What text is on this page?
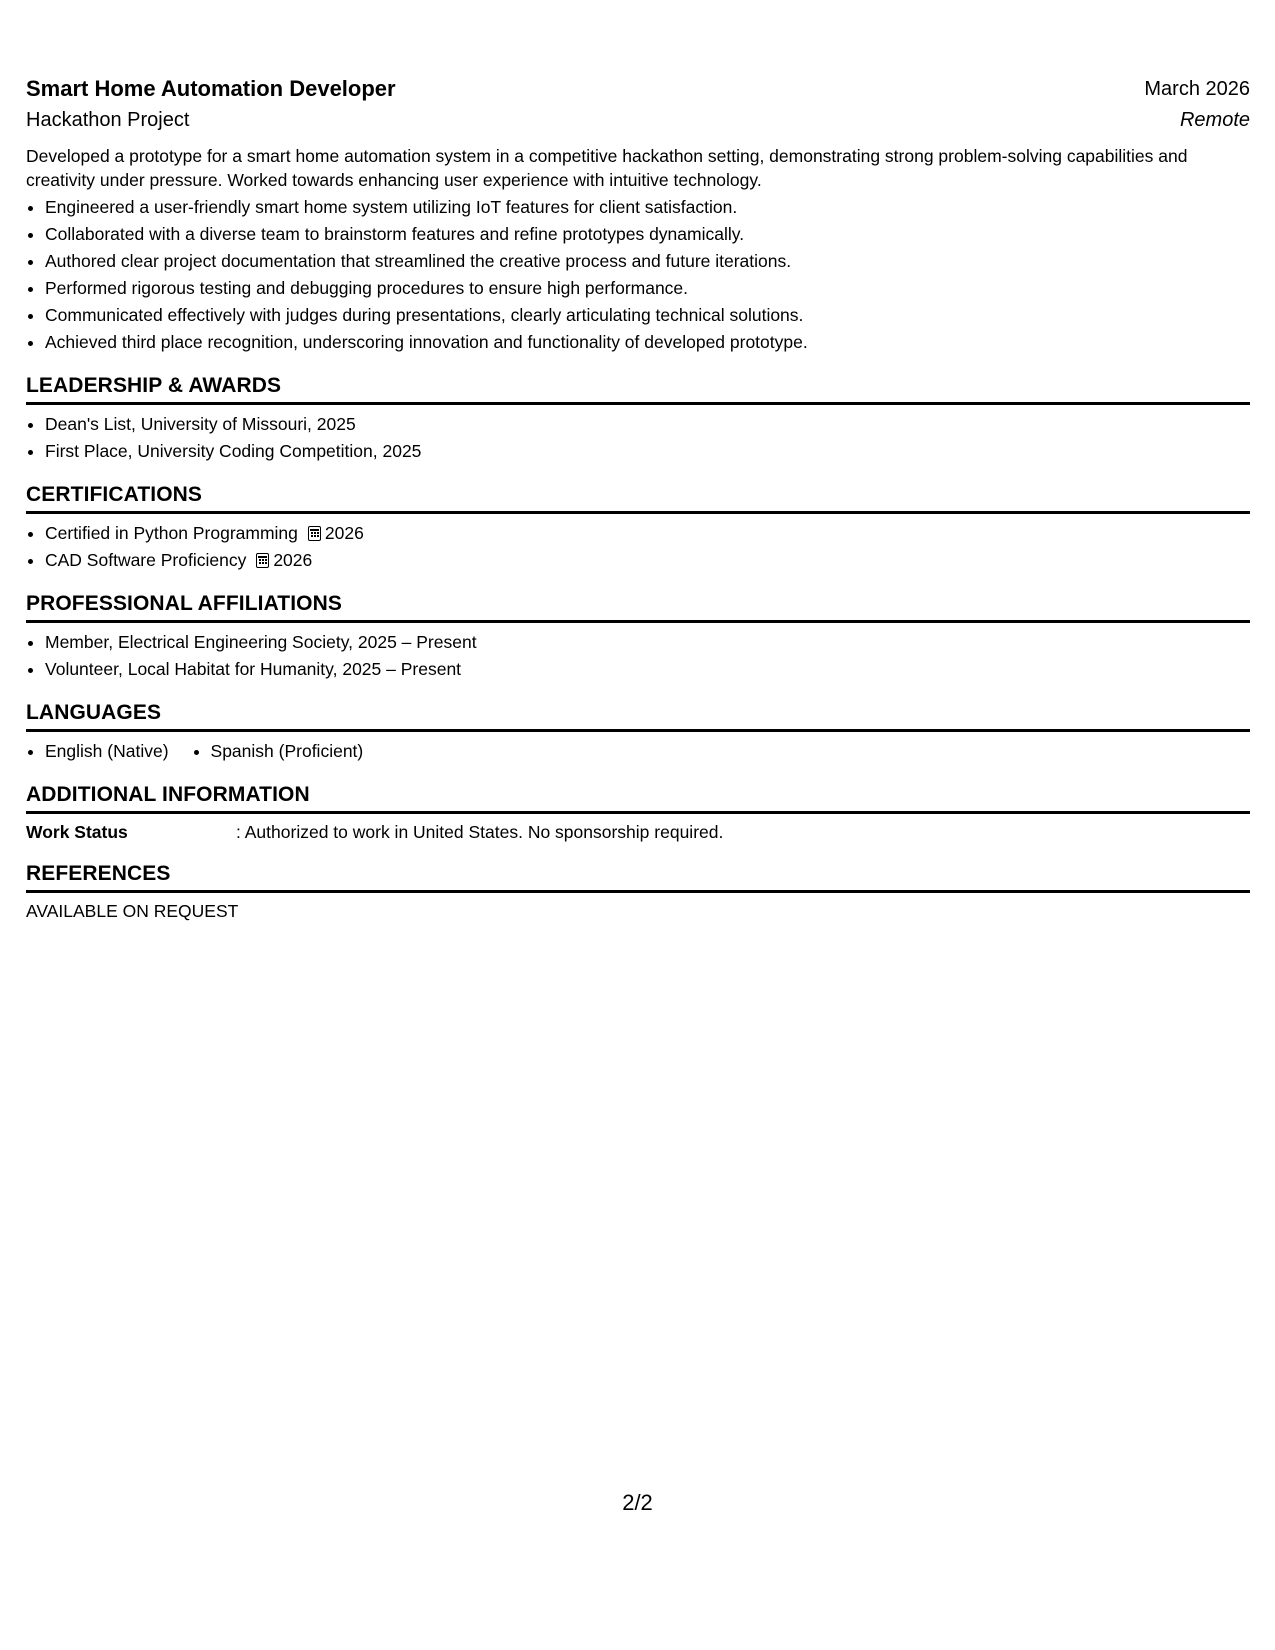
Smart Home Automation Developer	March 2026
Hackathon Project	Remote

Developed a prototype for a smart home automation system in a competitive hackathon setting, demonstrating strong problem-solving capabilities and creativity under pressure. Worked towards enhancing user experience with intuitive technology.

• Engineered a user-friendly smart home system utilizing IoT features for client satisfaction.
• Collaborated with a diverse team to brainstorm features and refine prototypes dynamically.
• Authored clear project documentation that streamlined the creative process and future iterations.
• Performed rigorous testing and debugging procedures to ensure high performance.
• Communicated effectively with judges during presentations, clearly articulating technical solutions.
• Achieved third place recognition, underscoring innovation and functionality of developed prototype.
LEADERSHIP & AWARDS
• Dean's List, University of Missouri, 2025
• First Place, University Coding Competition, 2025
CERTIFICATIONS
• Certified in Python Programming 2026
• CAD Software Proficiency 2026
PROFESSIONAL AFFILIATIONS
• Member, Electrical Engineering Society, 2025 – Present
• Volunteer, Local Habitat for Humanity, 2025 – Present
LANGUAGES
• English (Native)
• Spanish (Proficient)
ADDITIONAL INFORMATION
Work Status	: Authorized to work in United States. No sponsorship required.
REFERENCES
AVAILABLE ON REQUEST
2/2
